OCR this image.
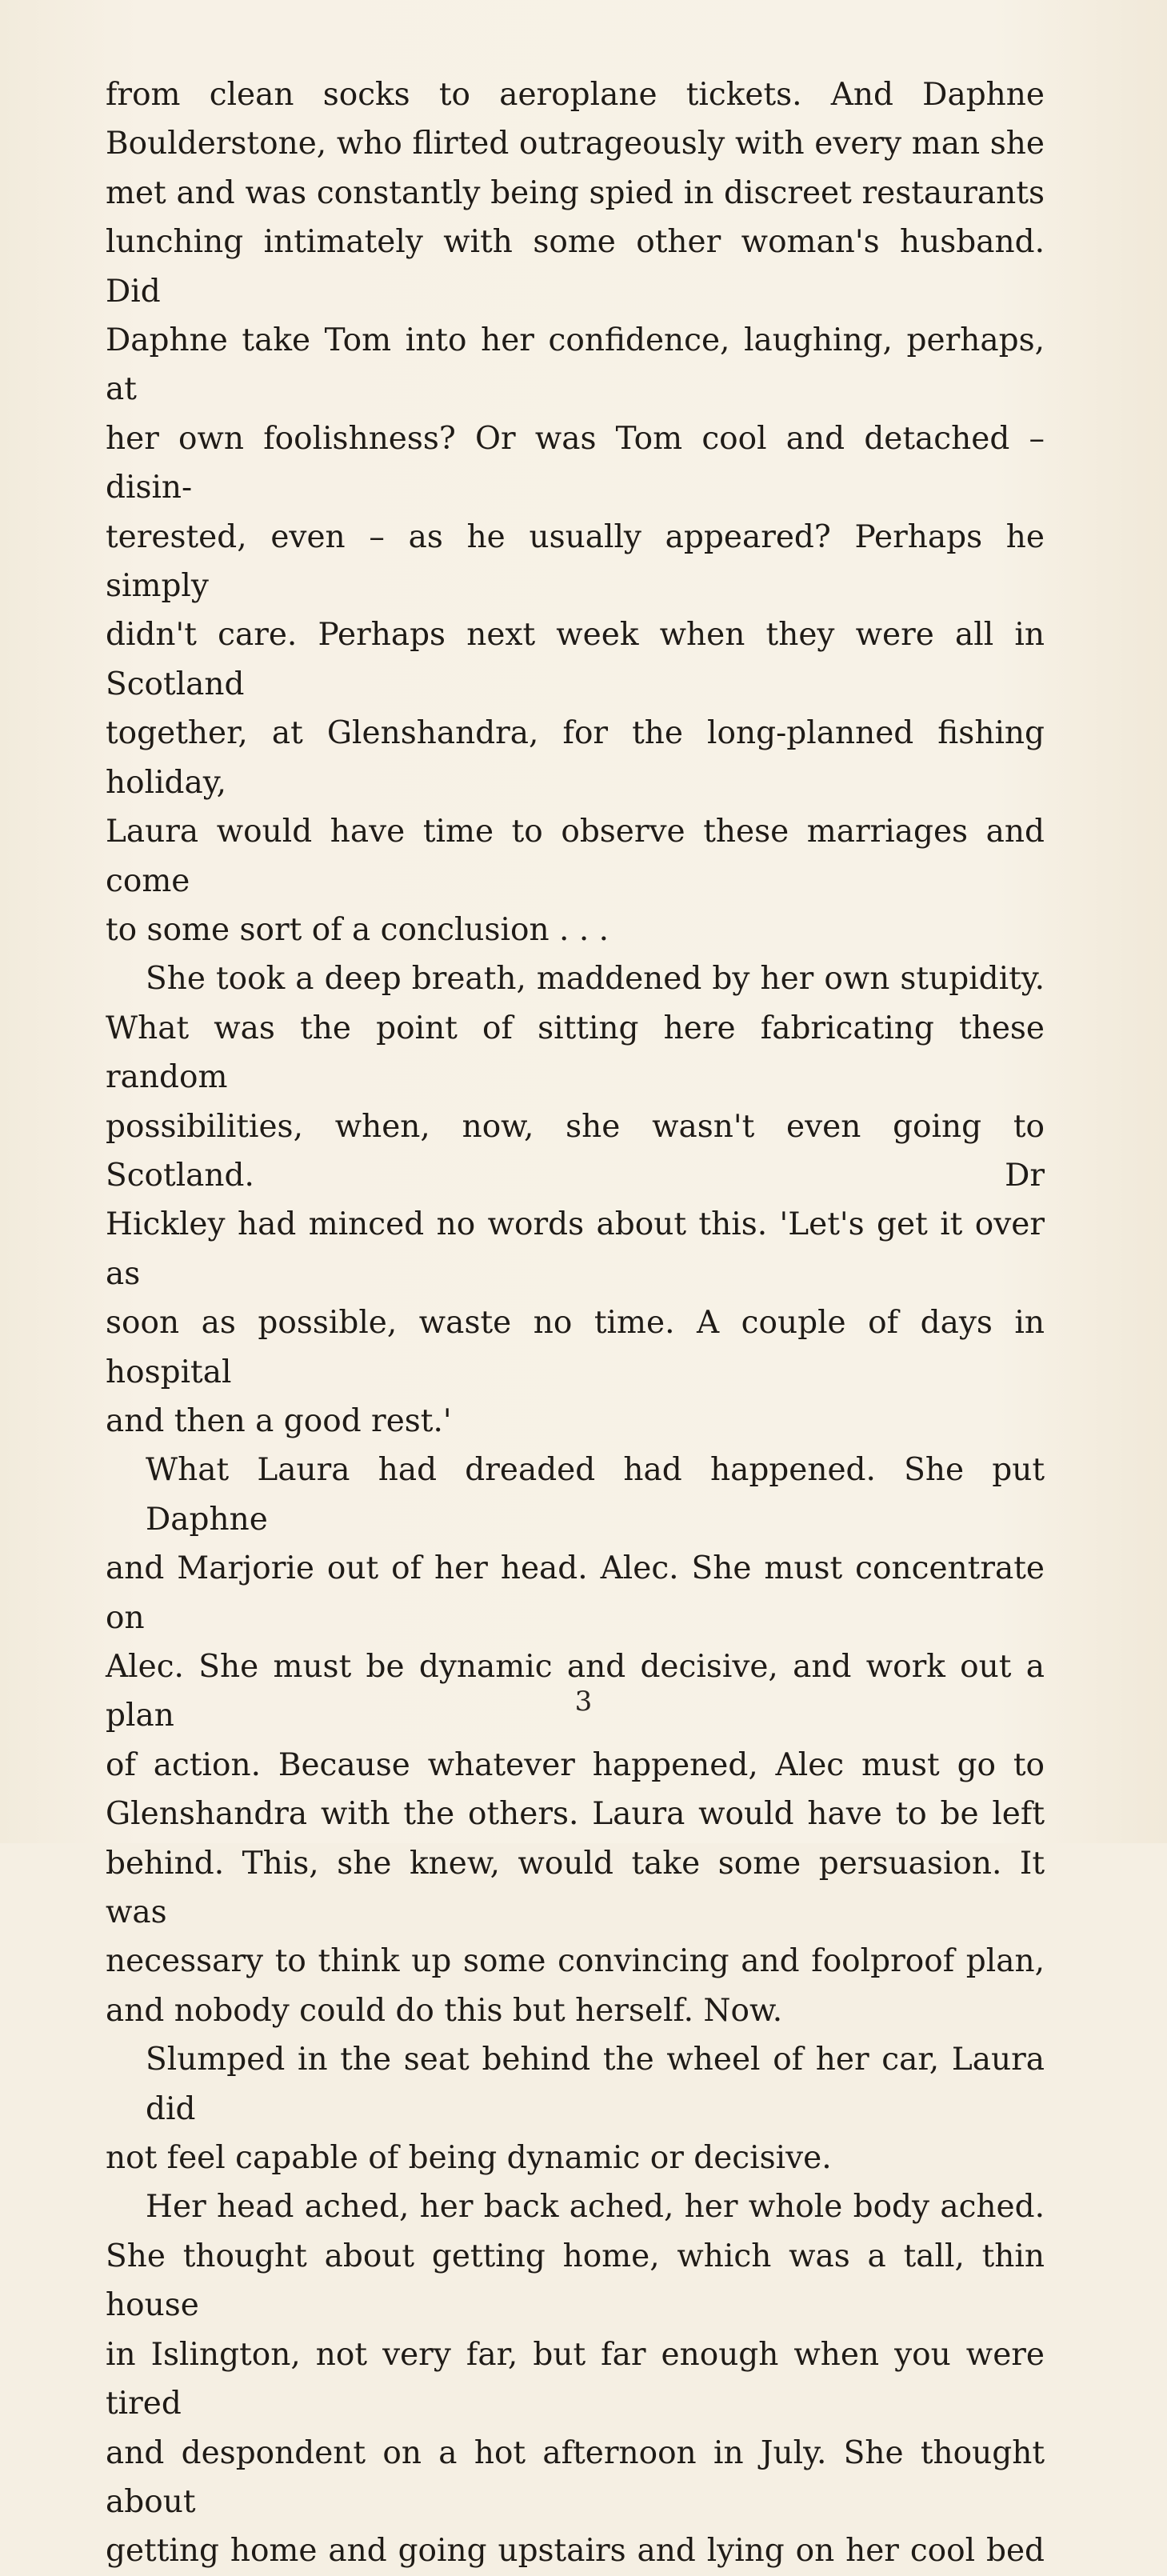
from clean socks to aeroplane tickets. And Daphne
Boulderstone, who flirted outrageously with every man she
met and was constantly being spied in discreet restaurants
lunching intimately with some other woman's husband. Did
Daphne take Tom into her confidence, laughing, perhaps, at
her own foolishness? Or was Tom cool and detached – disin-
terested, even – as he usually appeared? Perhaps he simply
didn't care. Perhaps next week when they were all in Scotland
together, at Glenshandra, for the long-planned fishing holiday,
Laura would have time to observe these marriages and come
to some sort of a conclusion . . .
She took a deep breath, maddened by her own stupidity.
What was the point of sitting here fabricating these random
possibilities, when, now, she wasn't even going to Scotland. Dr
Hickley had minced no words about this. 'Let's get it over as
soon as possible, waste no time. A couple of days in hospital
and then a good rest.'
What Laura had dreaded had happened. She put Daphne
and Marjorie out of her head. Alec. She must concentrate on
Alec. She must be dynamic and decisive, and work out a plan
of action. Because whatever happened, Alec must go to
Glenshandra with the others. Laura would have to be left
behind. This, she knew, would take some persuasion. It was
necessary to think up some convincing and foolproof plan,
and nobody could do this but herself. Now.
Slumped in the seat behind the wheel of her car, Laura did
not feel capable of being dynamic or decisive.
Her head ached, her back ached, her whole body ached.
She thought about getting home, which was a tall, thin house
in Islington, not very far, but far enough when you were tired
and despondent on a hot afternoon in July. She thought about
getting home and going upstairs and lying on her cool bed
3
